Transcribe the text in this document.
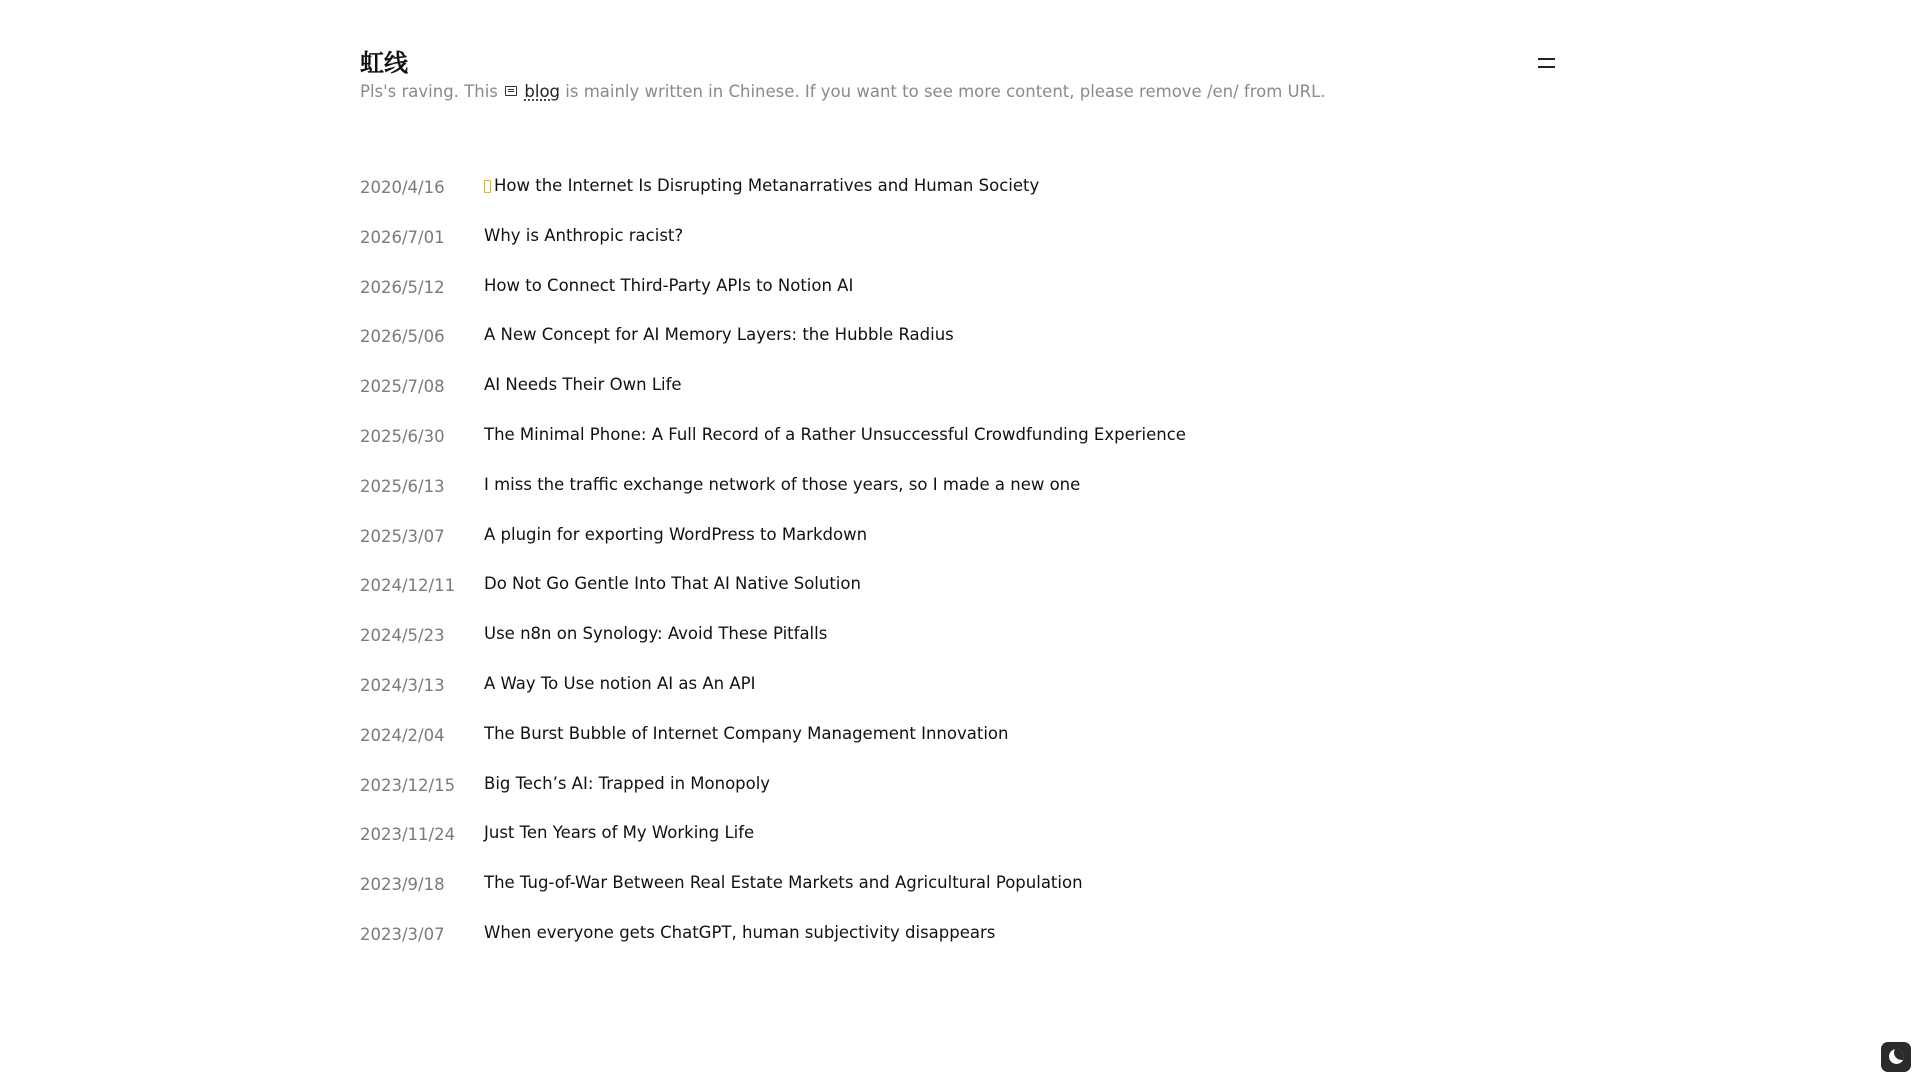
虹线
Pls's raving. This  blog is mainly written in Chinese. If you want to see more content, please remove /en/ from URL.
2020/4/16	How the Internet Is Disrupting Metanarratives and Human Society
2026/7/01	Why is Anthropic racist?
2026/5/12	How to Connect Third-Party APIs to Notion AI
2026/5/06	A New Concept for AI Memory Layers: the Hubble Radius
2025/7/08	AI Needs Their Own Life
2025/6/30	The Minimal Phone: A Full Record of a Rather Unsuccessful Crowdfunding Experience
2025/6/13	I miss the traffic exchange network of those years, so I made a new one
2025/3/07	A plugin for exporting WordPress to Markdown
2024/12/11	Do Not Go Gentle Into That AI Native Solution
2024/5/23	Use n8n on Synology: Avoid These Pitfalls
2024/3/13	A Way To Use notion AI as An API
2024/2/04	The Burst Bubble of Internet Company Management Innovation
2023/12/15	Big Tech’s AI: Trapped in Monopoly
2023/11/24	Just Ten Years of My Working Life
2023/9/18	The Tug-of-War Between Real Estate Markets and Agricultural Population
2023/3/07	When everyone gets ChatGPT, human subjectivity disappears
